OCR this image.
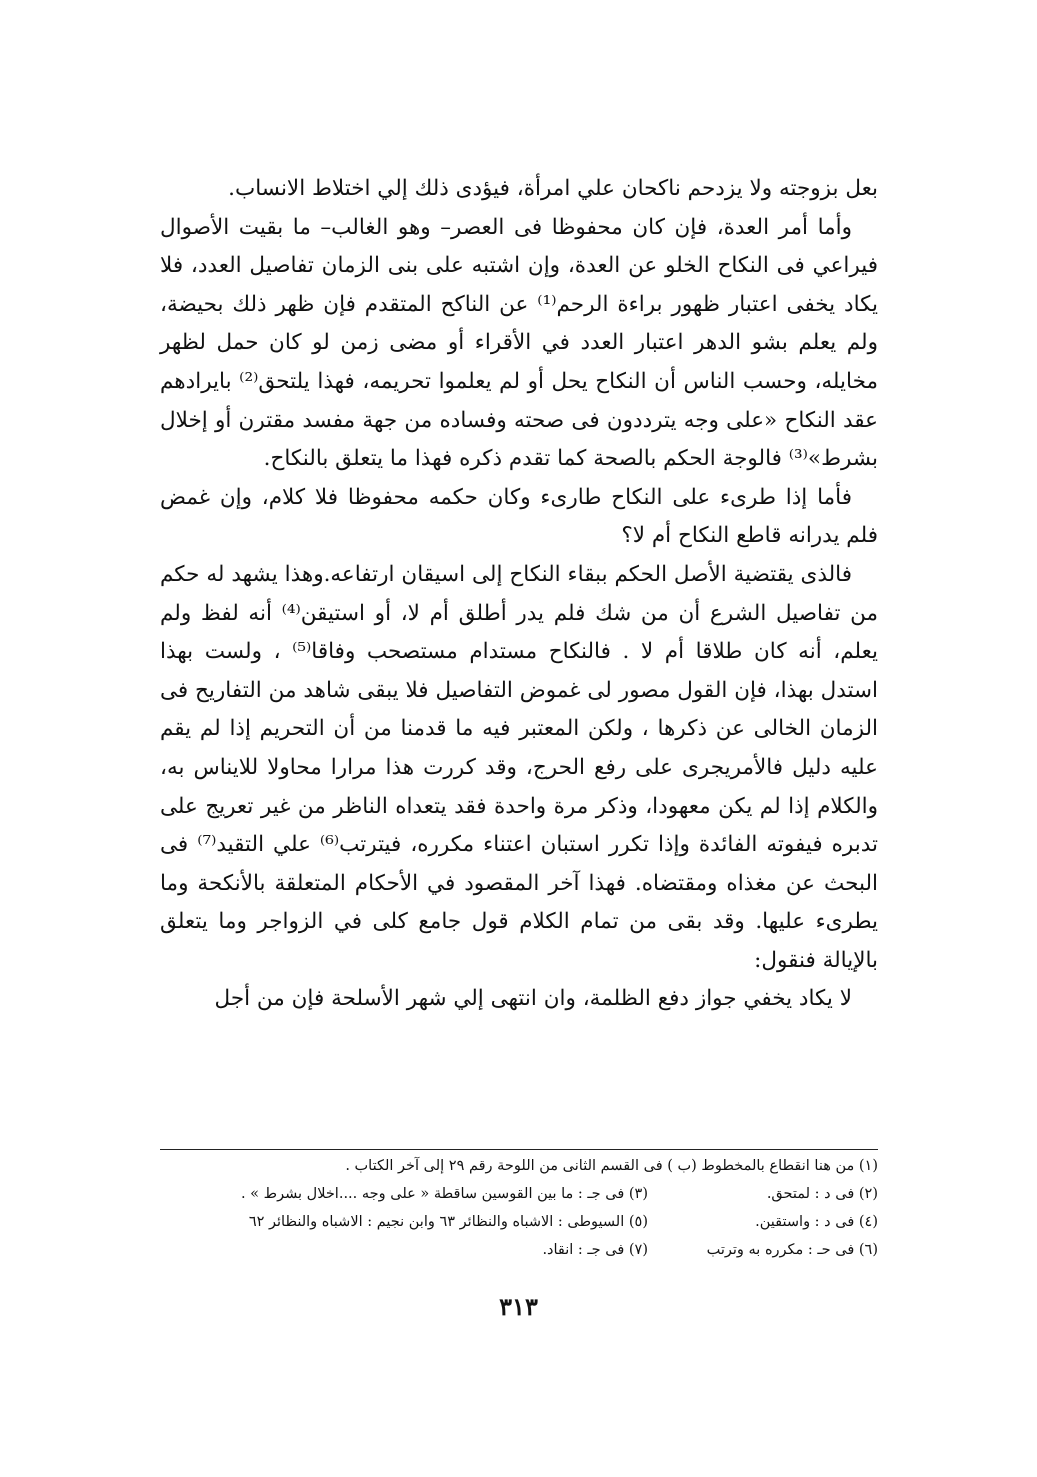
بعل بزوجته ولا يزدحم ناكحان علي امرأة، فيؤدى ذلك إلي اختلاط الانساب.

وأما أمر العدة، فإن كان محفوظا فى العصر– وهو الغالب– ما بقيت الأصوال فيراعي فى النكاح الخلو عن العدة، وإن اشتبه على بنى الزمان تفاصيل العدد، فلا يكاد يخفى اعتبار ظهور براءة الرحم⁽¹⁾ عن الناكح المتقدم فإن ظهر ذلك بحيضة، ولم يعلم بشو الدهر اعتبار العدد في الأقراء أو مضى زمن لو كان حمل لظهر مخايله، وحسب الناس أن النكاح يحل أو لم يعلموا تحريمه، فهذا يلتحق⁽²⁾ بايرادهم عقد النكاح «على وجه يترددون فى صحته وفساده من جهة مفسد مقترن أو إخلال بشرط»⁽³⁾ فالوجة الحكم بالصحة كما تقدم ذكره فهذا ما يتعلق بالنكاح.

فأما إذا طرىء على النكاح طارىء وكان حكمه محفوظا فلا كلام، وإن غمض فلم يدرانه قاطع النكاح أم لا؟

فالذى يقتضية الأصل الحكم ببقاء النكاح إلى اسيقان ارتفاعه.وهذا يشهد له حكم من تفاصيل الشرع أن من شك فلم يدر أطلق أم لا، أو استيقن⁽⁴⁾ أنه لفظ ولم يعلم، أنه كان طلاقا أم لا . فالنكاح مستدام مستصحب وفاقا⁽⁵⁾ ، ولست بهذا استدل بهذا، فإن القول مصور لى غموض التفاصيل فلا يبقى شاهد من التفاريح فى الزمان الخالى عن ذكرها ، ولكن المعتبر فيه ما قدمنا من أن التحريم إذا لم يقم عليه دليل فالأمريجرى على رفع الحرج، وقد كررت هذا مرارا محاولا للايناس به، والكلام إذا لم يكن معهودا، وذكر مرة واحدة فقد يتعداه الناظر من غير تعريج على تدبره فيفوته الفائدة وإذا تكرر استبان اعتناء مكرره، فيترتب⁽⁶⁾ علي التقيد⁽⁷⁾ فى البحث عن مغذاه ومقتضاه. فهذا آخر المقصود في الأحكام المتعلقة بالأنكحة وما يطرىء عليها. وقد بقى من تمام الكلام قول جامع كلى في الزواجر وما يتعلق بالإيالة فنقول:

لا يكاد يخفي جواز دفع الظلمة، وان انتهى إلي شهر الأسلحة فإن من أجل

(١) من هنا انقطاع بالمخطوط (ب ) فى القسم الثانى من اللوحة رقم ٢٩ إلى آخر الكتاب .
(٢) فى د : لمتحق.
(٣) فى جـ : ما بين القوسين ساقطة « على وجه ....اخلال بشرط » .
(٤) فى د : واستقين.
(٥) السيوطى : الاشباه والنظائر ٦٣ وابن نجيم : الاشباه والنظائر ٦٢
(٦) فى حـ : مكرره به وترتب
(٧) فى جـ : انقاد.
٣١٣
